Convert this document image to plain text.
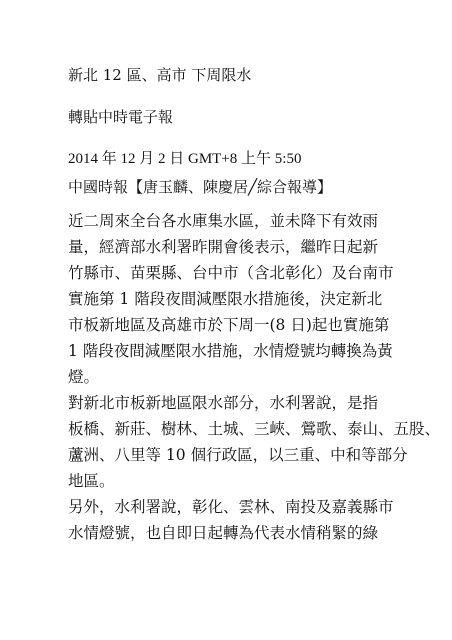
新北 12 區、高市 下周限水

轉貼中時電子報

2014 年 12 月 2 日 GMT+8 上午 5:50

中國時報【唐玉麟、陳慶居╱綜合報導】

近二周來全台各水庫集水區，並未降下有效雨
量，經濟部水利署昨開會後表示，繼昨日起新
竹縣市、苗栗縣、台中市（含北彰化）及台南市
實施第 1 階段夜間減壓限水措施後，決定新北
市板新地區及高雄市於下周一(8 日)起也實施第
1 階段夜間減壓限水措施，水情燈號均轉換為黃
燈。
對新北市板新地區限水部分，水利署說，是指
板橋、新莊、樹林、土城、三峽、鶯歌、泰山、五股、
蘆洲、八里等 10 個行政區，以三重、中和等部分
地區。
另外，水利署說，彰化、雲林、南投及嘉義縣市
水情燈號，也自即日起轉為代表水情稍緊的綠
